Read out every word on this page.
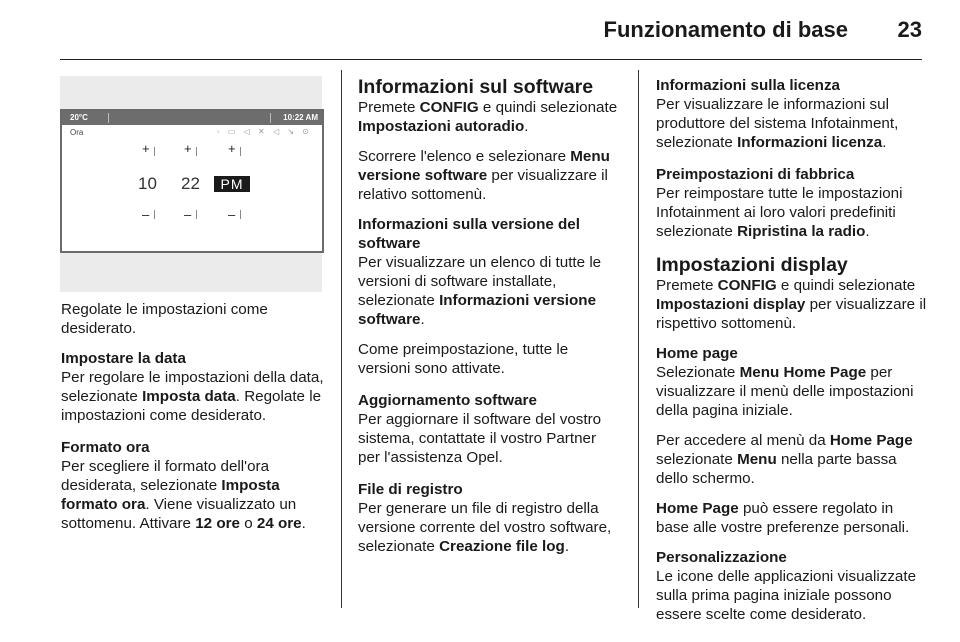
Funzionamento di base 23
20°C	10:22 AM
Ora	◦ ▭ ◁ ✕ ◁ ↘ ⊙
+	+	+
10 22	PM
–	–	–

Regolate le impostazioni come desiderato.

Impostare la data
Per regolare le impostazioni della data, selezionate Imposta data. Regolate le impostazioni come desiderato.
Formato ora
Per scegliere il formato dell'ora desiderata, selezionate Imposta formato ora. Viene visualizzato un sottomenu. Attivare 12 ore o 24 ore.
Informazioni sul software

Premete CONFIG e quindi selezionate Impostazioni autoradio.

Scorrere l'elenco e selezionare Menu versione software per visualizzare il relativo sottomenù.

Informazioni sulla versione del software

Per visualizzare un elenco di tutte le versioni di software installate, selezionate Informazioni versione software.

Come preimpostazione, tutte le versioni sono attivate.
Aggiornamento software
Per aggiornare il software del vostro sistema, contattate il vostro Partner per l'assistenza Opel.
File di registro
Per generare un file di registro della versione corrente del vostro software, selezionate Creazione file log.
Informazioni sulla licenza
Per visualizzare le informazioni sul produttore del sistema Infotainment, selezionate Informazioni licenza.
Preimpostazioni di fabbrica
Per reimpostare tutte le impostazioni Infotainment ai loro valori predefiniti selezionate Ripristina la radio.
Impostazioni display

Premete CONFIG e quindi selezionate Impostazioni display per visualizzare il rispettivo sottomenù.

Home page

Selezionate Menu Home Page per visualizzare il menù delle impostazioni della pagina iniziale.

Per accedere al menù da Home Page selezionate Menu nella parte bassa dello schermo.

Home Page può essere regolato in base alle vostre preferenze personali.

Personalizzazione
Le icone delle applicazioni visualizzate sulla prima pagina iniziale possono essere scelte come desiderato.
